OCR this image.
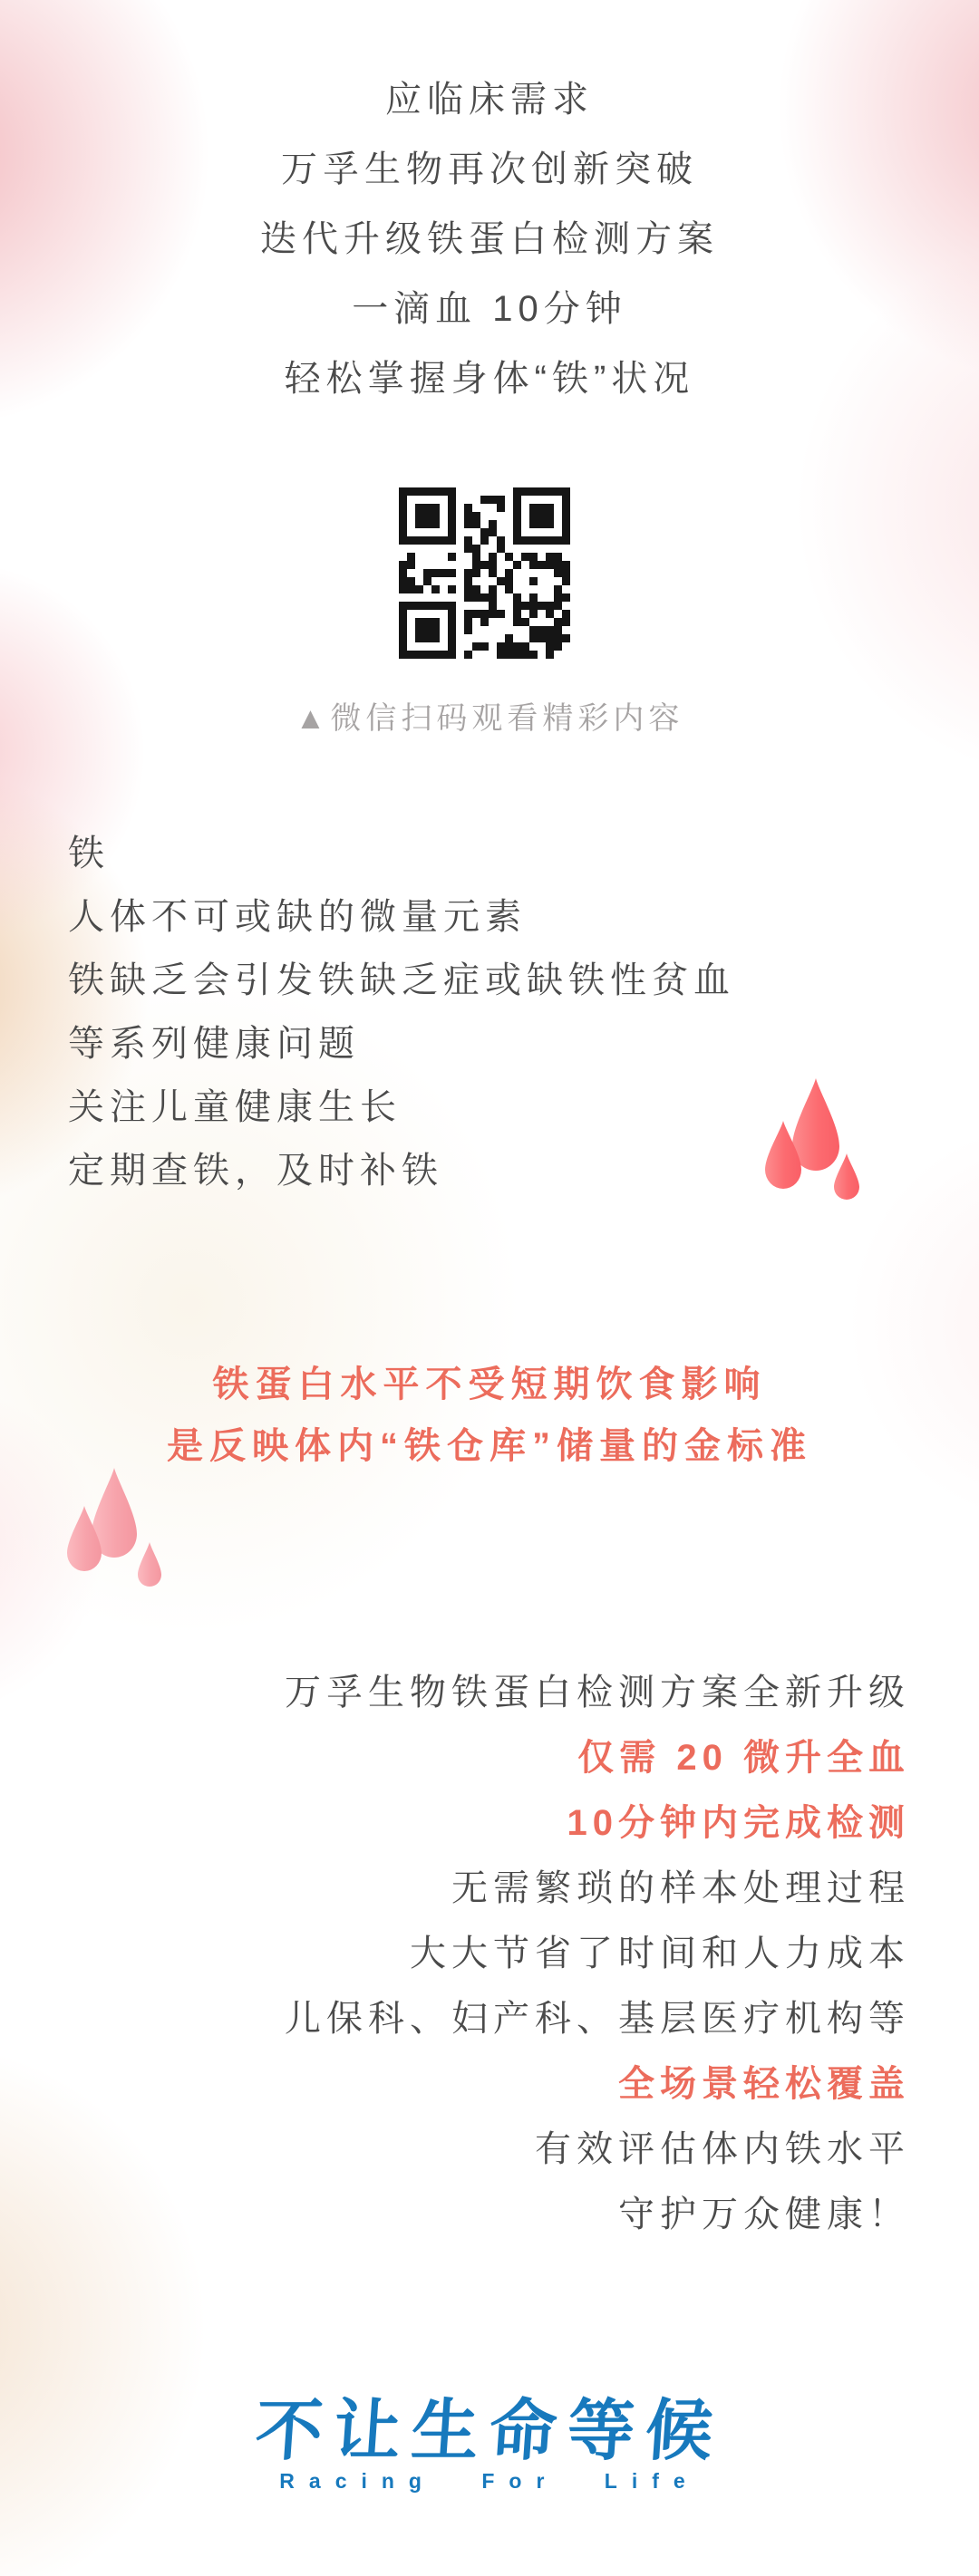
应临床需求
万孚生物再次创新突破
迭代升级铁蛋白检测方案
一滴血 10分钟
轻松掌握身体“铁”状况
▲微信扫码观看精彩内容
铁
人体不可或缺的微量元素
铁缺乏会引发铁缺乏症或缺铁性贫血
等系列健康问题
关注儿童健康生长
定期查铁，及时补铁
铁蛋白水平不受短期饮食影响
是反映体内“铁仓库”储量的金标准
万孚生物铁蛋白检测方案全新升级
仅需 20 微升全血
10分钟内完成检测
无需繁琐的样本处理过程
大大节省了时间和人力成本
儿保科、妇产科、基层医疗机构等
全场景轻松覆盖
有效评估体内铁水平
守护万众健康！
不让生命等候
Racing For Life
